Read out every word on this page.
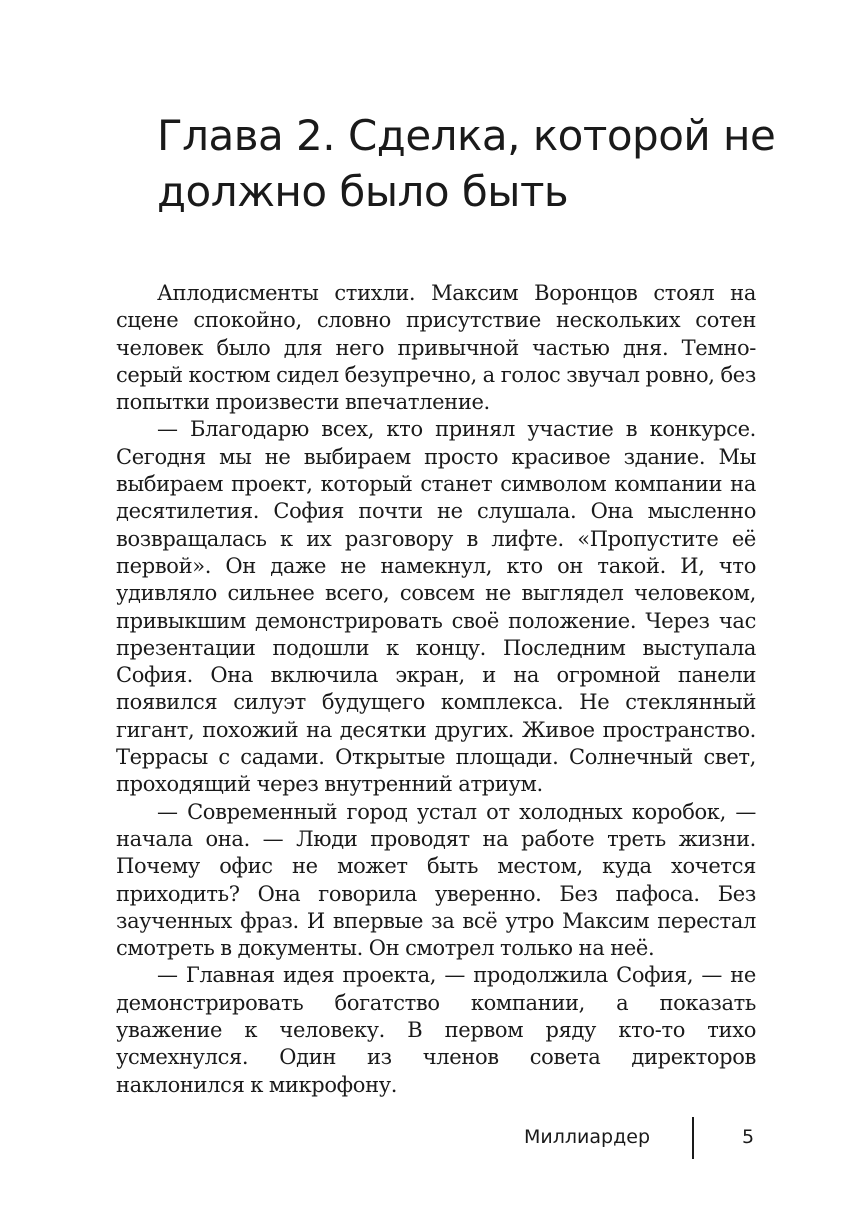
Глава 2. Сделка, которой не должно было быть

Аплодисменты стихли. Максим Воронцов стоял на сцене спокойно, словно присутствие нескольких сотен человек было для него привычной частью дня. Темно-серый костюм сидел безупречно, а голос звучал ровно, без попытки произвести впечатление.

— Благодарю всех, кто принял участие в конкурсе. Сегодня мы не выбираем просто красивое здание. Мы выбираем проект, который станет символом компании на десятилетия. София почти не слушала. Она мысленно возвращалась к их разговору в лифте. «Пропустите её первой». Он даже не намекнул, кто он такой. И, что удивляло сильнее всего, совсем не выглядел человеком, привыкшим демонстрировать своё положение. Через час презентации подошли к концу. Последним выступала София. Она включила экран, и на огромной панели появился силуэт будущего комплекса. Не стеклянный гигант, похожий на десятки других. Живое пространство. Террасы с садами. Открытые площади. Солнечный свет, проходящий через внутренний атриум.

— Современный город устал от холодных коробок, — начала она. — Люди проводят на работе треть жизни. Почему офис не может быть местом, куда хочется приходить? Она говорила уверенно. Без пафоса. Без заученных фраз. И впервые за всё утро Максим перестал смотреть в документы. Он смотрел только на неё.

— Главная идея проекта, — продолжила София, — не демонстрировать богатство компании, а показать уважение к человеку. В первом ряду кто-то тихо усмехнулся. Один из членов совета директоров наклонился к микрофону.

Миллиардер	5
